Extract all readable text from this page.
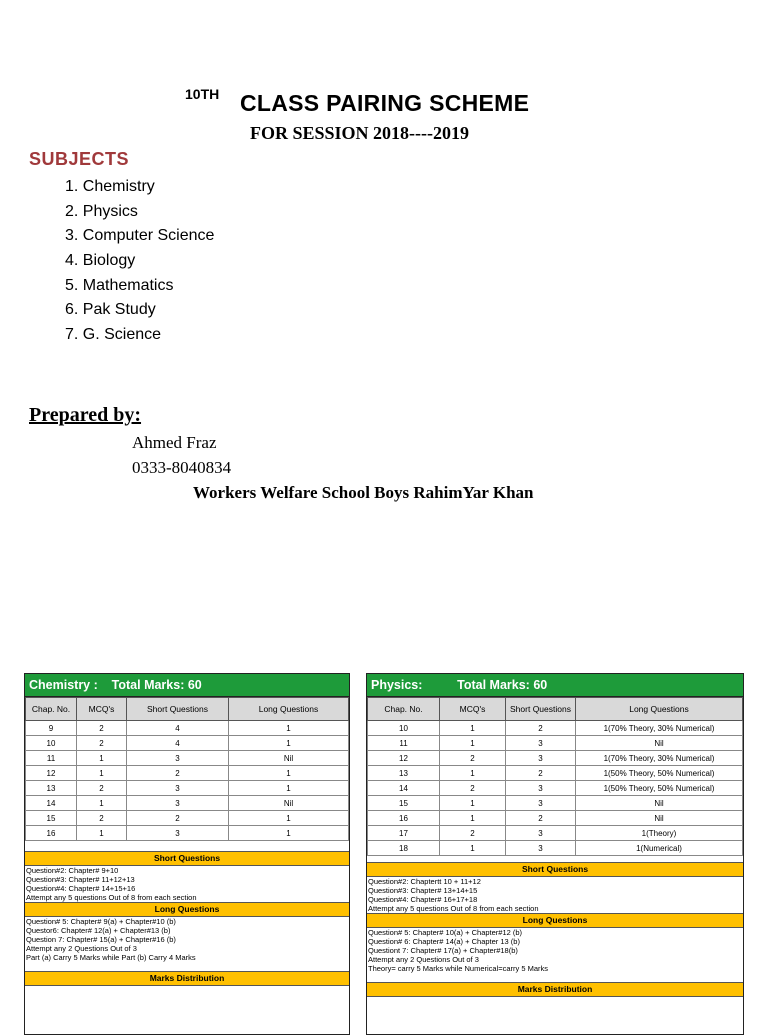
10TH CLASS PAIRING SCHEME
FOR SESSION 2018----2019
SUBJECTS
1. Chemistry
2. Physics
3. Computer Science
4. Biology
5. Mathematics
6. Pak Study
7. G. Science
Prepared by:
Ahmed Fraz
0333-8040834
Workers Welfare School Boys RahimYar Khan
Chemistry :    Total Marks: 60
Chap. No.	MCQ's	Short Questions	Long Questions
9	2	4	1
10	2	4	1
11	1	3	Nil
12	1	2	1
13	2	3	1
14	1	3	Nil
15	2	2	1
16	1	3	1
Short Questions
Question#2: Chapter# 9+10
Question#3: Chapter# 11+12+13
Question#4: Chapter# 14+15+16
Attempt any 5 questions Out of 8 from each section
Long Questions
Question# 5: Chapter# 9(a) + Chapter#10 (b)
Questor6: Chapter# 12(a) + Chapter#13 (b)
Question 7: Chapter# 15(a) + Chapter#16 (b)
Attempt any 2 Questions Out of 3
Part (a) Carry 5 Marks while Part (b) Carry 4 Marks
Marks Distribution
Physics:          Total Marks: 60
Chap. No.	MCQ's	Short Questions	Long Questions
10	1	2	1(70% Theory, 30% Numerical)
11	1	3	Nil
12	2	3	1(70% Theory, 30% Numerical)
13	1	2	1(50% Theory, 50% Numerical)
14	2	3	1(50% Theory, 50% Numerical)
15	1	3	Nil
16	1	2	Nil
17	2	3	1(Theory)
18	1	3	1(Numerical)
Short Questions
Question#2: Chaptertt 10 + 11+12
Question#3: Chapter# 13+14+15
Question#4: Chapter# 16+17+18
Attempt any 5 questions Out of 8 from each section
Long Questions
Question# 5: Chapter# 10(a) + Chapter#12 (b)
Question# 6: Chapter# 14(a) + Chapter 13 (b)
Questiont 7: Chapter# 17(a) + Chapter#18(b)
Attempt any 2 Questions Out of 3
Theory= carry 5 Marks while Numerical=carry 5 Marks
Marks Distribution
